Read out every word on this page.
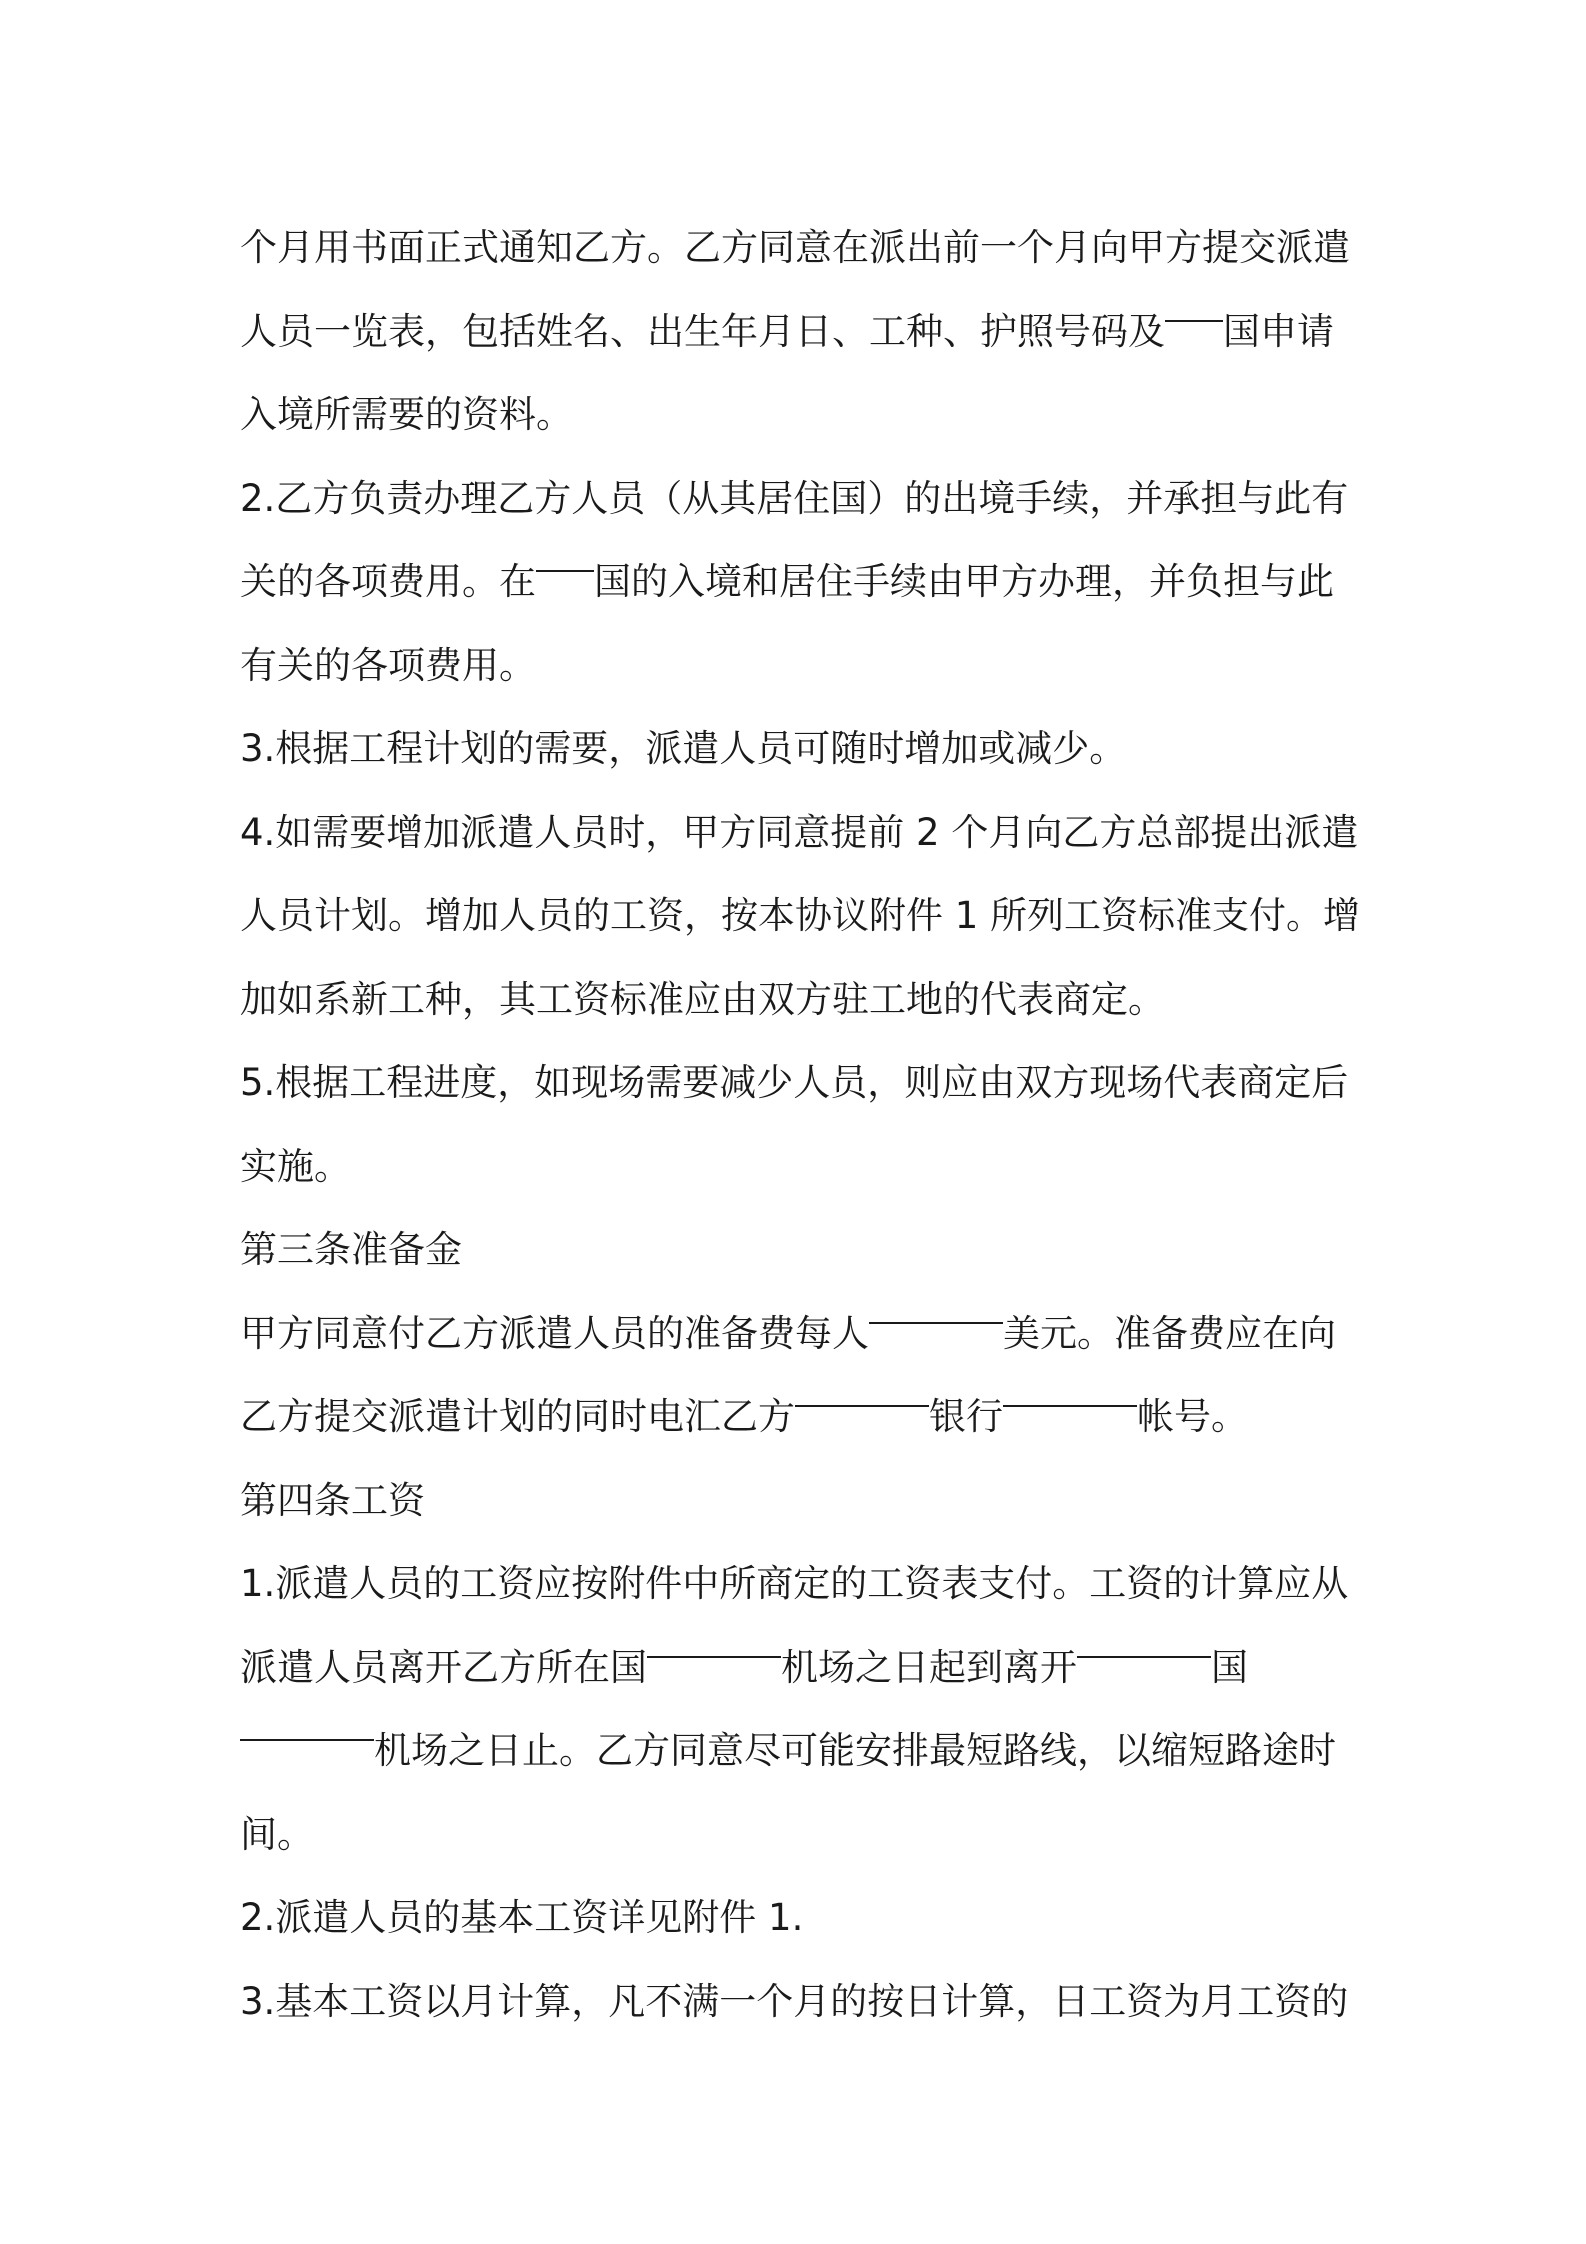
个月用书面正式通知乙方。乙方同意在派出前一个月向甲方提交派遣
人员一览表，包括姓名、出生年月日、工种、护照号码及 国申请
入境所需要的资料。
2.乙方负责办理乙方人员（从其居住国）的出境手续，并承担与此有
关的各项费用。在 国的入境和居住手续由甲方办理，并负担与此
有关的各项费用。
3.根据工程计划的需要，派遣人员可随时增加或减少。
4.如需要增加派遣人员时，甲方同意提前 2 个月向乙方总部提出派遣
人员计划。增加人员的工资，按本协议附件 1 所列工资标准支付。增
加如系新工种，其工资标准应由双方驻工地的代表商定。
5.根据工程进度，如现场需要减少人员，则应由双方现场代表商定后
实施。
第三条准备金
甲方同意付乙方派遣人员的准备费每人	美元。准备费应在向
乙方提交派遣计划的同时电汇乙方	银行	帐号。
第四条工资
1.派遣人员的工资应按附件中所商定的工资表支付。工资的计算应从
派遣人员离开乙方所在国	机场之日起到离开	国
机场之日止。乙方同意尽可能安排最短路线，以缩短路途时
间。
2.派遣人员的基本工资详见附件 1.
3.基本工资以月计算，凡不满一个月的按日计算，日工资为月工资的
